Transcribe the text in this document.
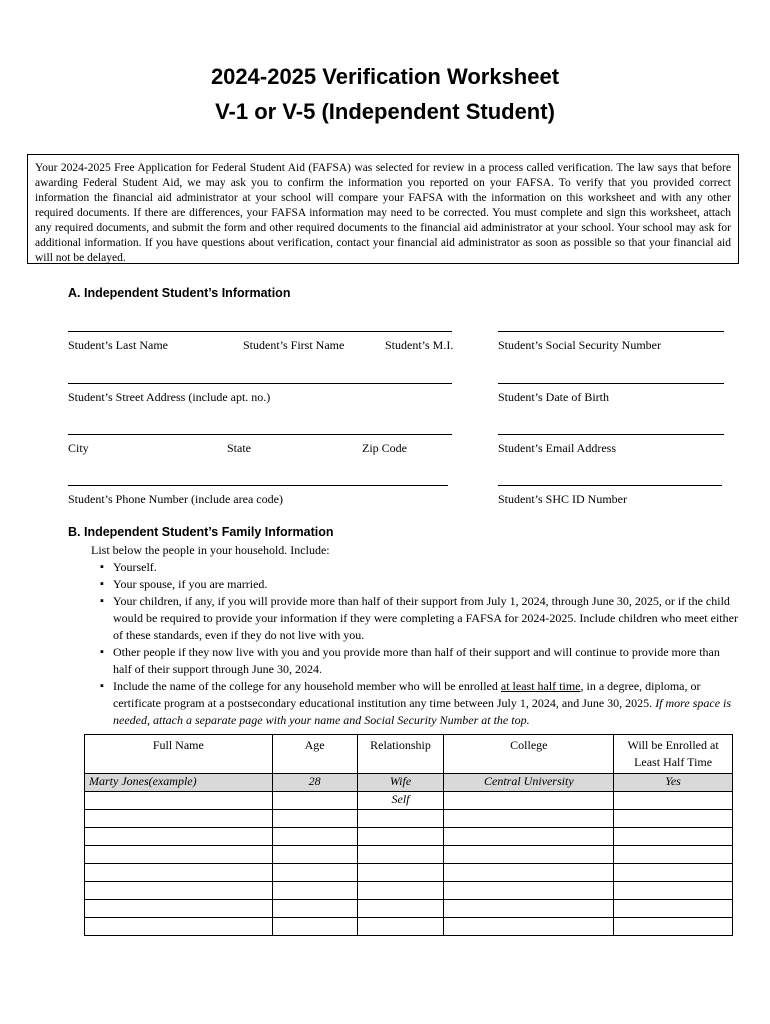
2024-2025 Verification Worksheet
V-1 or V-5 (Independent Student)
Your 2024-2025 Free Application for Federal Student Aid (FAFSA) was selected for review in a process called verification. The law says that before awarding Federal Student Aid, we may ask you to confirm the information you reported on your FAFSA. To verify that you provided correct information the financial aid administrator at your school will compare your FAFSA with the information on this worksheet and with any other required documents. If there are differences, your FAFSA information may need to be corrected. You must complete and sign this worksheet, attach any required documents, and submit the form and other required documents to the financial aid administrator at your school. Your school may ask for additional information. If you have questions about verification, contact your financial aid administrator as soon as possible so that your financial aid will not be delayed.
A. Independent Student’s Information
Student’s Last Name	Student’s First Name	Student’s M.I.	Student’s Social Security Number
Student’s Street Address (include apt. no.)	Student’s Date of Birth
City	State	Zip Code	Student’s Email Address
Student’s Phone Number (include area code)	Student’s SHC ID Number
B. Independent Student’s Family Information
List below the people in your household. Include:
▪ Yourself.
▪ Your spouse, if you are married.
▪ Your children, if any, if you will provide more than half of their support from July 1, 2024, through June 30, 2025, or if the child would be required to provide your information if they were completing a FAFSA for 2024-2025. Include children who meet either of these standards, even if they do not live with you.
▪ Other people if they now live with you and you provide more than half of their support and will continue to provide more than half of their support through June 30, 2024.
▪ Include the name of the college for any household member who will be enrolled at least half time, in a degree, diploma, or certificate program at a postsecondary educational institution any time between July 1, 2024, and June 30, 2025. If more space is needed, attach a separate page with your name and Social Security Number at the top.
Full Name	Age	Relationship	College	Will be Enrolled at Least Half Time
Marty Jones(example)	28	Wife	Central University	Yes
		Self		
